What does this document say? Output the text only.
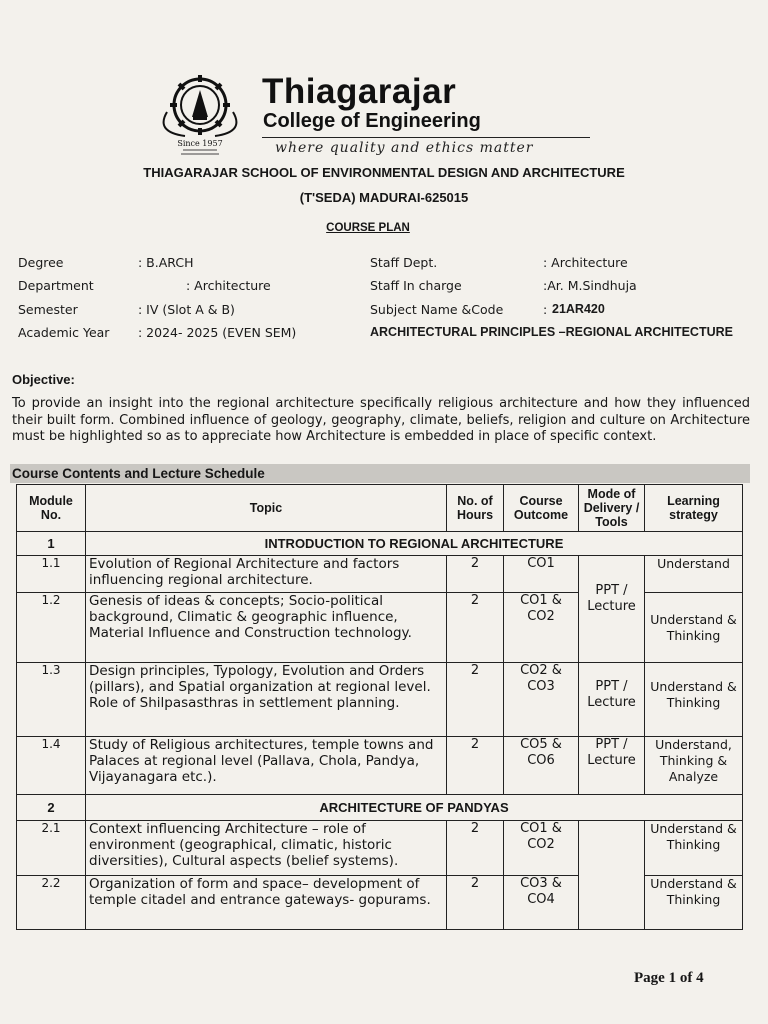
Since 1957
Thiagarajar
College of Engineering
where quality and ethics matter
THIAGARAJAR SCHOOL OF ENVIRONMENTAL DESIGN AND ARCHITECTURE
(T'SEDA) MADURAI-625015
COURSE PLAN
Degree	: B.ARCH
Department	: Architecture
Semester	: IV (Slot A & B)
Academic Year : 2024- 2025 (EVEN SEM)
Staff Dept.	: Architecture
Staff In charge	:Ar. M.Sindhuja
Subject Name &Code	: 21AR420
ARCHITECTURAL PRINCIPLES –REGIONAL ARCHITECTURE
Objective:
To provide an insight into the regional architecture specifically religious architecture and how they influenced their built form. Combined influence of geology, geography, climate, beliefs, religion and culture on Architecture must be highlighted so as to appreciate how Architecture is embedded in place of specific context.
Course Contents and Lecture Schedule
Module No.	Topic	No. of Hours	Course Outcome	Mode of Delivery / Tools	Learning strategy
1	INTRODUCTION TO REGIONAL ARCHITECTURE				
1.1	Evolution of Regional Architecture and factors influencing regional architecture.	2	CO1	PPT / Lecture	Understand
1.2	Genesis of ideas & concepts; Socio-political background, Climatic & geographic influence, Material Influence and Construction technology.	2	CO1 & CO2		Understand & Thinking
1.3	Design principles, Typology, Evolution and Orders (pillars), and Spatial organization at regional level. Role of Shilpasasthras in settlement planning.	2	CO2 & CO3	PPT / Lecture	Understand & Thinking
1.4	Study of Religious architectures, temple towns and Palaces at regional level (Pallava, Chola, Pandya, Vijayanagara etc.).	2	CO5 & CO6	PPT / Lecture	Understand, Thinking & Analyze
2	ARCHITECTURE OF PANDYAS				
2.1	Context influencing Architecture – role of environment (geographical, climatic, historic diversities), Cultural aspects (belief systems).	2	CO1 & CO2		Understand & Thinking
2.2	Organization of form and space– development of temple citadel and entrance gateways- gopurams.	2	CO3 & CO4		Understand & Thinking
Page 1 of 4
